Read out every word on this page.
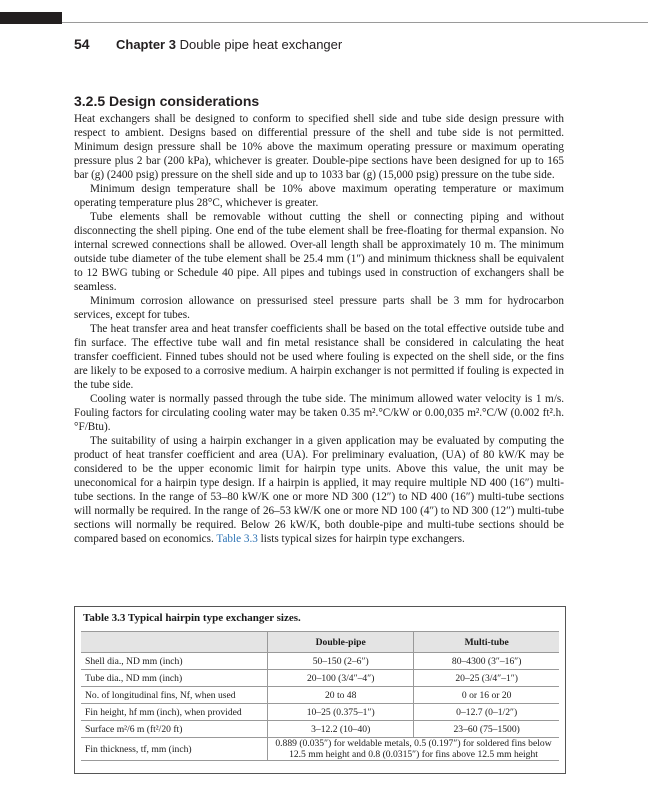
54 Chapter 3 Double pipe heat exchanger
3.2.5 Design considerations

Heat exchangers shall be designed to conform to specified shell side and tube side design pressure with respect to ambient. Designs based on differential pressure of the shell and tube side is not permitted. Minimum design pressure shall be 10% above the maximum operating pressure or maximum operating pressure plus 2 bar (200 kPa), whichever is greater. Double-pipe sections have been designed for up to 165 bar (g) (2400 psig) pressure on the shell side and up to 1033 bar (g) (15,000 psig) pressure on the tube side.

Minimum design temperature shall be 10% above maximum operating temperature or maximum operating temperature plus 28°C, whichever is greater.

Tube elements shall be removable without cutting the shell or connecting piping and without disconnecting the shell piping. One end of the tube element shall be free-floating for thermal expansion. No internal screwed connections shall be allowed. Over-all length shall be approximately 10 m. The minimum outside tube diameter of the tube element shall be 25.4 mm (1″) and minimum thickness shall be equivalent to 12 BWG tubing or Schedule 40 pipe. All pipes and tubings used in construction of exchangers shall be seamless.

Minimum corrosion allowance on pressurised steel pressure parts shall be 3 mm for hydrocarbon services, except for tubes.

The heat transfer area and heat transfer coefficients shall be based on the total effective outside tube and fin surface. The effective tube wall and fin metal resistance shall be considered in calculating the heat transfer coefficient. Finned tubes should not be used where fouling is expected on the shell side, or the fins are likely to be exposed to a corrosive medium. A hairpin exchanger is not permitted if fouling is expected in the tube side.

Cooling water is normally passed through the tube side. The minimum allowed water velocity is 1 m/s. Fouling factors for circulating cooling water may be taken 0.35 m².°C/kW or 0.00,035 m².°C/W (0.002 ft².h.°F/Btu).

The suitability of using a hairpin exchanger in a given application may be evaluated by computing the product of heat transfer coefficient and area (UA). For preliminary evaluation, (UA) of 80 kW/K may be considered to be the upper economic limit for hairpin type units. Above this value, the unit may be uneconomical for a hairpin type design. If a hairpin is applied, it may require multiple ND 400 (16″) multi-tube sections. In the range of 53–80 kW/K one or more ND 300 (12″) to ND 400 (16″) multi-tube sections will normally be required. In the range of 26–53 kW/K one or more ND 100 (4″) to ND 300 (12″) multi-tube sections will normally be required. Below 26 kW/K, both double-pipe and multi-tube sections should be compared based on economics. Table 3.3 lists typical sizes for hairpin type exchangers.

Table 3.3 Typical hairpin type exchanger sizes.
	Double-pipe	Multi-tube
Shell dia., ND mm (inch)	50–150 (2–6″)	80–4300 (3″–16″)
Tube dia., ND mm (inch)	20–100 (3/4″–4″)	20–25 (3/4″–1″)
No. of longitudinal fins, Nf, when used	20 to 48	0 or 16 or 20
Fin height, hf mm (inch), when provided	10–25 (0.375–1″)	0–12.7 (0–1/2″)
Surface m²/6 m (ft²/20 ft)	3–12.2 (10–40)	23–60 (75–1500)
Fin thickness, tf, mm (inch)	0.889 (0.035″) for weldable metals, 0.5 (0.197″) for soldered fins below 12.5 mm height and 0.8 (0.0315″) for fins above 12.5 mm height	
